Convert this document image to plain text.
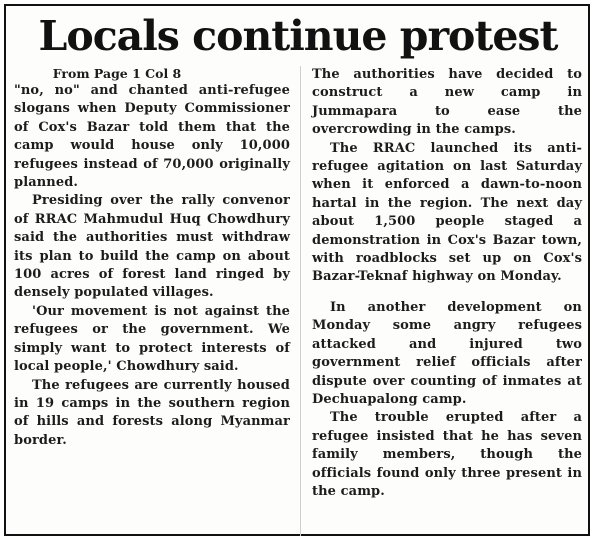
Locals continue protest
From Page 1 Col 8

"no, no" and chanted anti-refugee slogans when Deputy Commissioner of Cox's Bazar told them that the camp would house only 10,000 refugees instead of 70,000 originally planned.

Presiding over the rally convenor of RRAC Mahmudul Huq Chowdhury said the authorities must withdraw its plan to build the camp on about 100 acres of forest land ringed by densely populated villages.

'Our movement is not against the refugees or the government. We simply want to protect interests of local people,' Chowdhury said.

The refugees are currently housed in 19 camps in the southern region of hills and forests along Myanmar border.

The authorities have decided to construct a new camp in Jummapara to ease the overcrowding in the camps.

The RRAC launched its anti-refugee agitation on last Saturday when it enforced a dawn-to-noon hartal in the region. The next day about 1,500 people staged a demonstration in Cox's Bazar town, with roadblocks set up on Cox's Bazar-Teknaf highway on Monday.

In another development on Monday some angry refugees attacked and injured two government relief officials after dispute over counting of inmates at Dechuapalong camp.

The trouble erupted after a refugee insisted that he has seven family members, though the officials found only three present in the camp.
